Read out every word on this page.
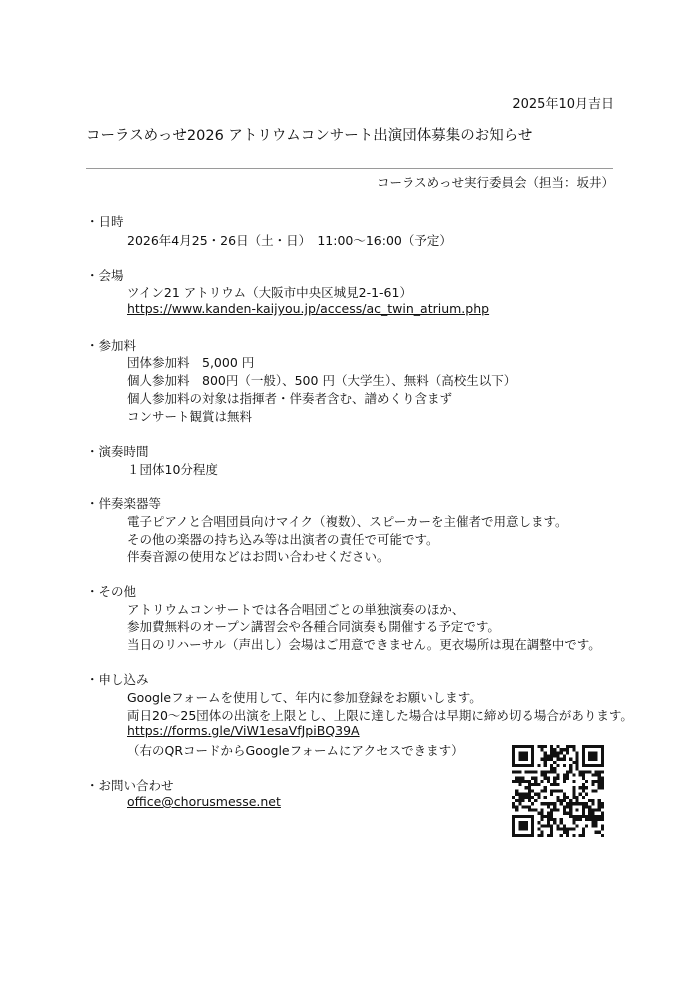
2025年10月吉日
コーラスめっせ2026 アトリウムコンサート出演団体募集のお知らせ
コーラスめっせ実行委員会（担当：坂井）
・日時
2026年4月25・26日（土・日）　11:00〜16:00（予定）
・会場
ツイン21 アトリウム（大阪市中央区城見2-1-61）
https://www.kanden-kaijyou.jp/access/ac_twin_atrium.php
・参加料
団体参加料　5,000 円
個人参加料　800円（一般）、500 円（大学生）、無料（高校生以下）
個人参加料の対象は指揮者・伴奏者含む、譜めくり含まず
コンサート観賞は無料
・演奏時間
１団体10分程度
・伴奏楽器等
電子ピアノと合唱団員向けマイク（複数）、スピーカーを主催者で用意します。
その他の楽器の持ち込み等は出演者の責任で可能です。
伴奏音源の使用などはお問い合わせください。
・その他
アトリウムコンサートでは各合唱団ごとの単独演奏のほか、
参加費無料のオープン講習会や各種合同演奏も開催する予定です。
当日のリハーサル（声出し）会場はご用意できません。更衣場所は現在調整中です。
・申し込み
Googleフォームを使用して、年内に参加登録をお願いします。
両日20〜25団体の出演を上限とし、上限に達した場合は早期に締め切る場合があります。
https://forms.gle/ViW1esaVfJpiBQ39A
（右のQRコードからGoogleフォームにアクセスできます）
・お問い合わせ
office@chorusmesse.net
